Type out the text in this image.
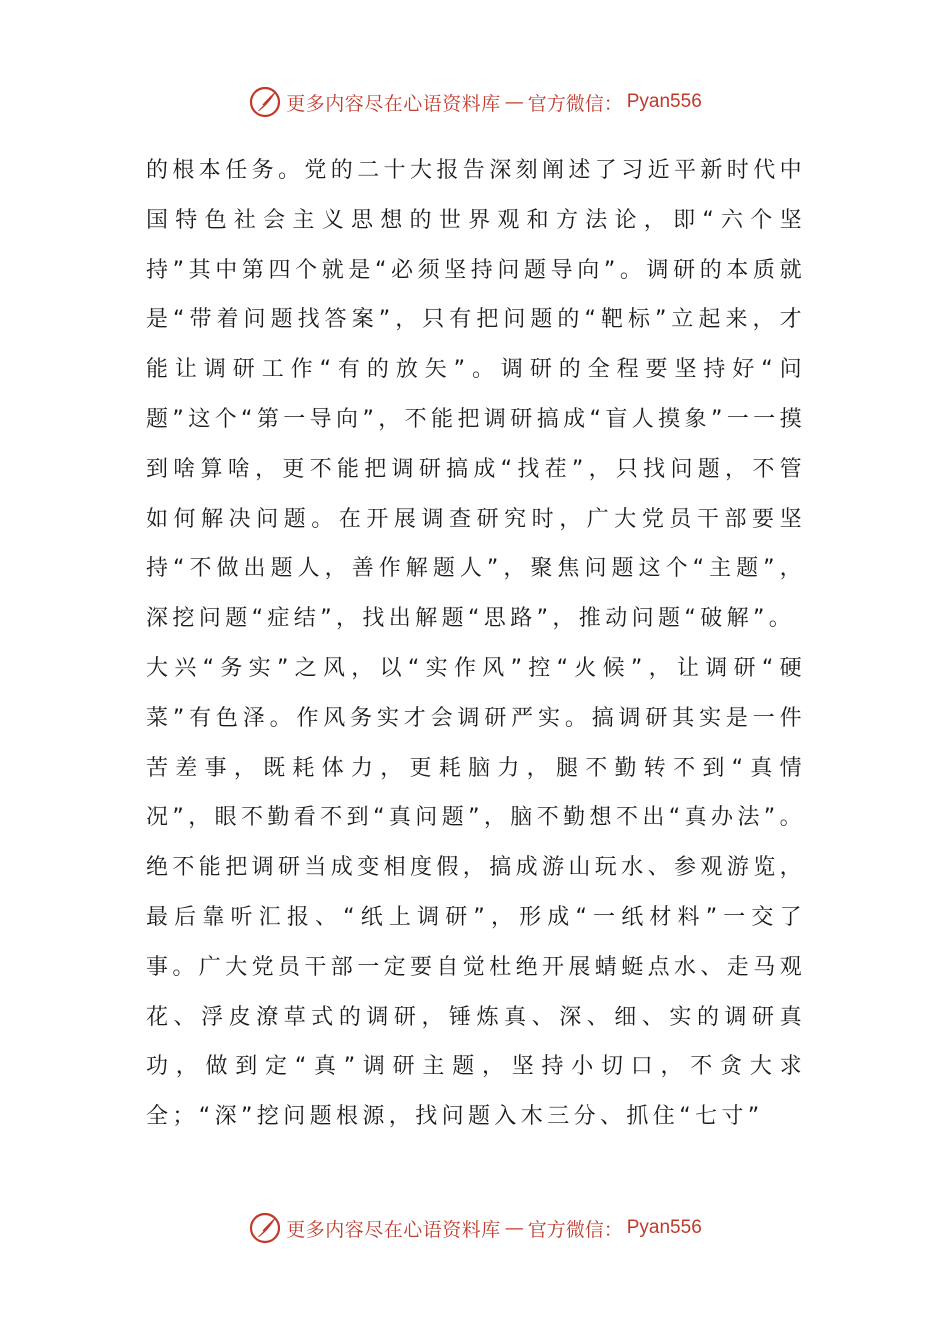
更多内容尽在心语资料库 — 官方微信： Pyan556

的根本任务。党的二十大报告深刻阐述了习近平新时代中国特色社会主义思想的世界观和方法论，即“六个坚持”其中第四个就是“必须坚持问题导向”。调研的本质就是“带着问题找答案”，只有把问题的“靶标”立起来，才能让调研工作“有的放矢”。调研的全程要坚持好“问题”这个“第一导向”，不能把调研搞成“盲人摸象”一一摸到啥算啥，更不能把调研搞成“找茬”，只找问题，不管如何解决问题。在开展调查研究时，广大党员干部要坚持“不做出题人，善作解题人”，聚焦问题这个“主题”，深挖问题“症结”，找出解题“思路”，推动问题“破解”。

大兴“务实”之风，以“实作风”控“火候”，让调研“硬菜”有色泽。作风务实才会调研严实。搞调研其实是一件苦差事，既耗体力，更耗脑力，腿不勤转不到“真情况”，眼不勤看不到“真问题”，脑不勤想不出“真办法”。绝不能把调研当成变相度假，搞成游山玩水、参观游览，最后靠听汇报、“纸上调研”，形成“一纸材料”一交了事。广大党员干部一定要自觉杜绝开展蜻蜓点水、走马观花、浮皮潦草式的调研，锤炼真、深、细、实的调研真功，做到定“真”调研主题，坚持小切口，不贪大求全；“深”挖问题根源，找问题入木三分、抓住“七寸”

更多内容尽在心语资料库 — 官方微信： Pyan556
